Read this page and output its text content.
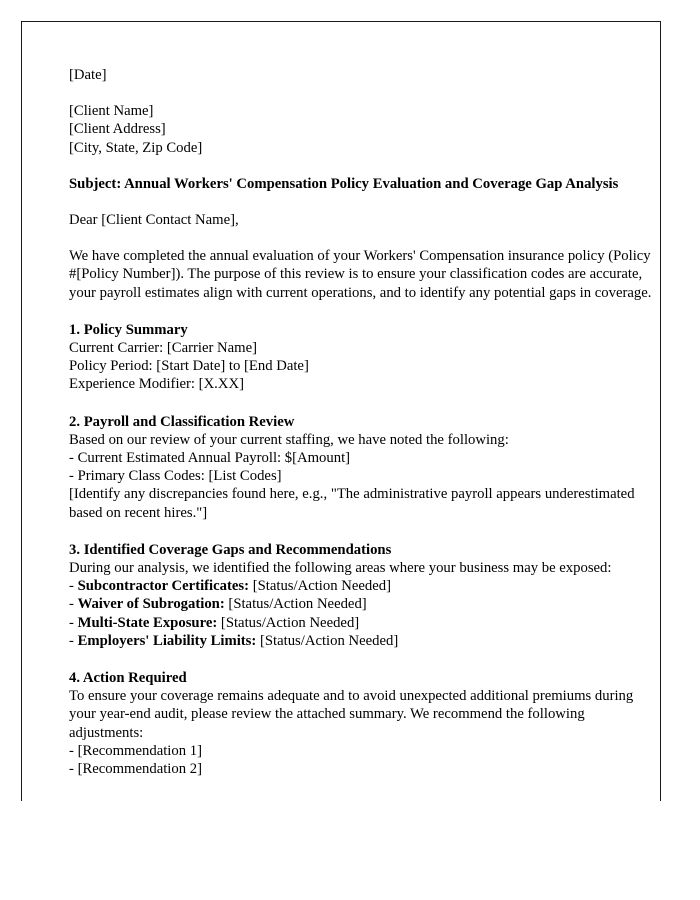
[Date]
[Client Name]
[Client Address]
[City, State, Zip Code]
Subject: Annual Workers' Compensation Policy Evaluation and Coverage Gap Analysis
Dear [Client Contact Name],
We have completed the annual evaluation of your Workers' Compensation insurance policy (Policy #[Policy Number]). The purpose of this review is to ensure your classification codes are accurate, your payroll estimates align with current operations, and to identify any potential gaps in coverage.
1. Policy Summary
Current Carrier: [Carrier Name]
Policy Period: [Start Date] to [End Date]
Experience Modifier: [X.XX]
2. Payroll and Classification Review
Based on our review of your current staffing, we have noted the following:
- Current Estimated Annual Payroll: $[Amount]
- Primary Class Codes: [List Codes]
[Identify any discrepancies found here, e.g., "The administrative payroll appears underestimated based on recent hires."]
3. Identified Coverage Gaps and Recommendations
During our analysis, we identified the following areas where your business may be exposed:
- Subcontractor Certificates: [Status/Action Needed]
- Waiver of Subrogation: [Status/Action Needed]
- Multi-State Exposure: [Status/Action Needed]
- Employers' Liability Limits: [Status/Action Needed]
4. Action Required
To ensure your coverage remains adequate and to avoid unexpected additional premiums during your year-end audit, please review the attached summary. We recommend the following adjustments:
- [Recommendation 1]
- [Recommendation 2]
